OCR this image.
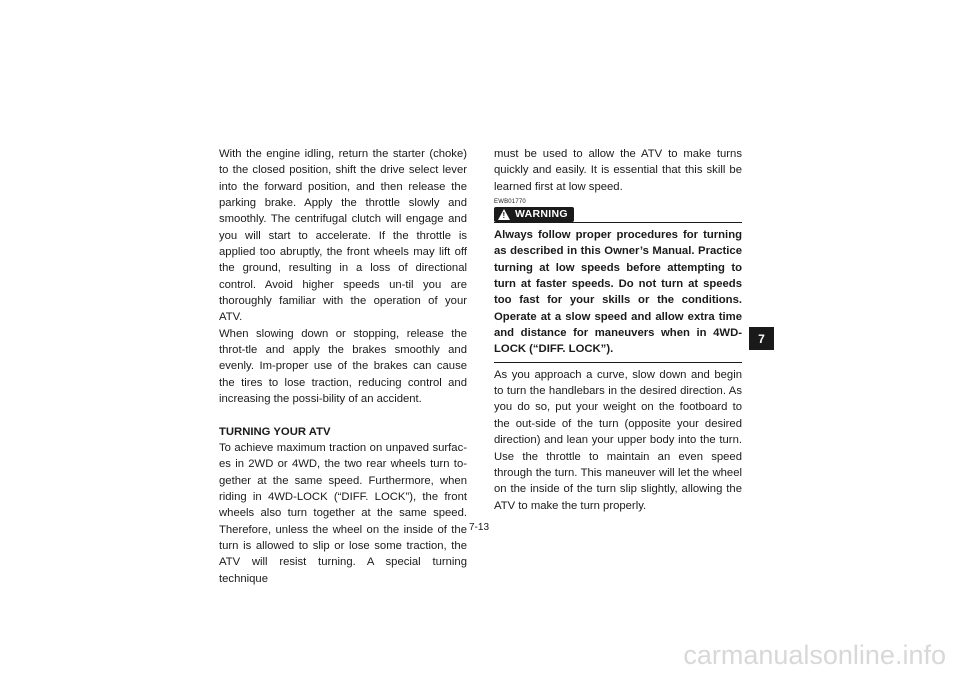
With the engine idling, return the starter (choke) to the closed position, shift the drive select lever into the forward position, and then release the parking brake. Apply the throttle slowly and smoothly. The centrifugal clutch will engage and you will start to accelerate. If the throttle is applied too abruptly, the front wheels may lift off the ground, resulting in a loss of directional control. Avoid higher speeds un-til you are thoroughly familiar with the operation of your ATV.

When slowing down or stopping, release the throt-tle and apply the brakes smoothly and evenly. Im-proper use of the brakes can cause the tires to lose traction, reducing control and increasing the possi-bility of an accident.

TURNING YOUR ATV

To achieve maximum traction on unpaved surfac-es in 2WD or 4WD, the two rear wheels turn to-gether at the same speed. Furthermore, when riding in 4WD-LOCK (“DIFF. LOCK”), the front wheels also turn together at the same speed. Therefore, unless the wheel on the inside of the turn is allowed to slip or lose some traction, the ATV will resist turning. A special turning technique

must be used to allow the ATV to make turns quickly and easily. It is essential that this skill be learned first at low speed.

EWB01770
! WARNING

Always follow proper procedures for turning as described in this Owner’s Manual. Practice turning at low speeds before attempting to turn at faster speeds. Do not turn at speeds too fast for your skills or the conditions. Operate at a slow speed and allow extra time and distance for maneuvers when in 4WD-LOCK (“DIFF. LOCK”).

As you approach a curve, slow down and begin to turn the handlebars in the desired direction. As you do so, put your weight on the footboard to the out-side of the turn (opposite your desired direction) and lean your upper body into the turn. Use the throttle to maintain an even speed through the turn. This maneuver will let the wheel on the inside of the turn slip slightly, allowing the ATV to make the turn properly.

7
7-13
carmanualsonline.info
